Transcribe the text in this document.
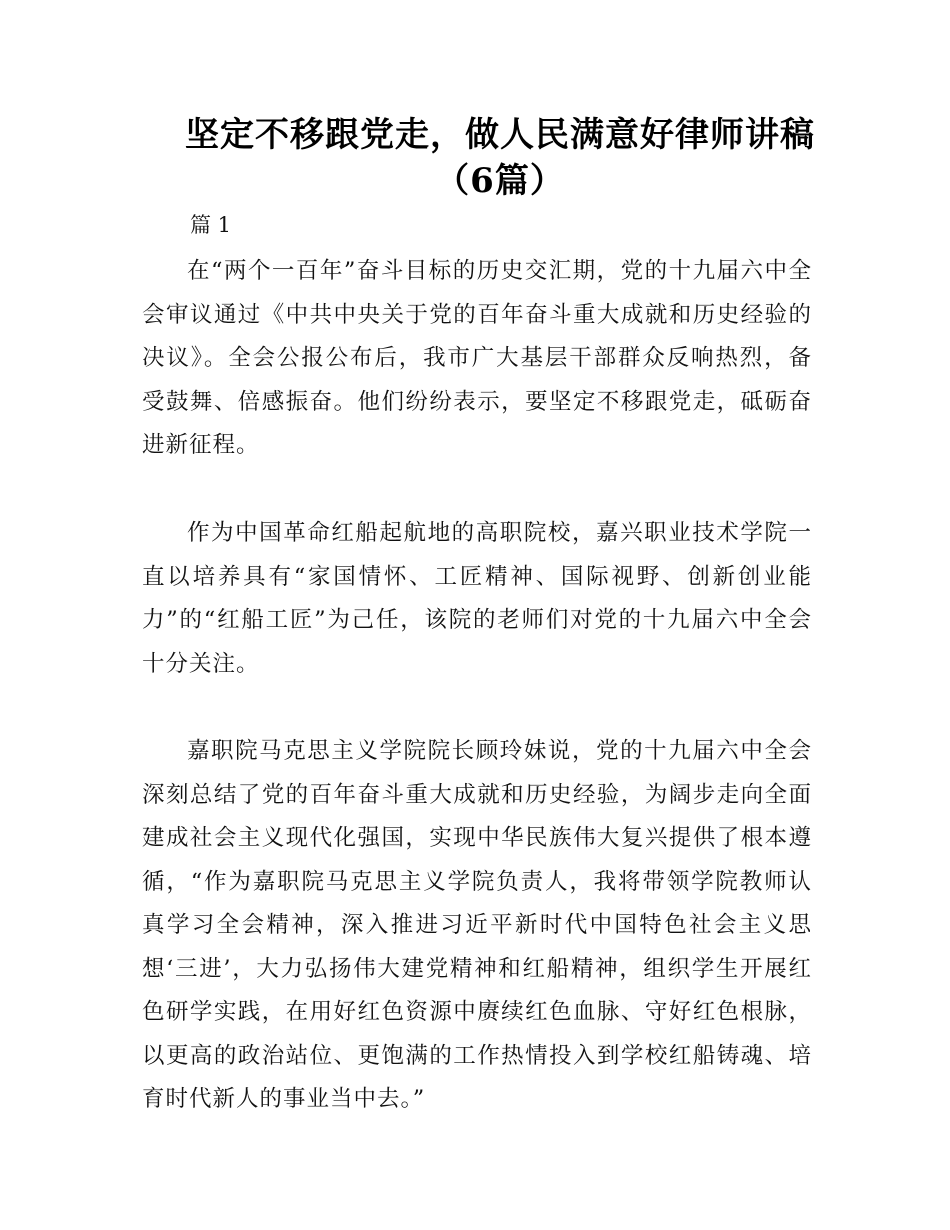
坚定不移跟党走，做人民满意好律师讲稿
（6篇）
篇 1

在“两个一百年”奋斗目标的历史交汇期，党的十九届六中全会审议通过《中共中央关于党的百年奋斗重大成就和历史经验的决议》。全会公报公布后，我市广大基层干部群众反响热烈，备受鼓舞、倍感振奋。他们纷纷表示，要坚定不移跟党走，砥砺奋进新征程。

作为中国革命红船起航地的高职院校，嘉兴职业技术学院一直以培养具有“家国情怀、工匠精神、国际视野、创新创业能力”的“红船工匠”为己任，该院的老师们对党的十九届六中全会十分关注。

嘉职院马克思主义学院院长顾玲妹说，党的十九届六中全会深刻总结了党的百年奋斗重大成就和历史经验，为阔步走向全面建成社会主义现代化强国，实现中华民族伟大复兴提供了根本遵循，“作为嘉职院马克思主义学院负责人，我将带领学院教师认真学习全会精神，深入推进习近平新时代中国特色社会主义思想‘三进’，大力弘扬伟大建党精神和红船精神，组织学生开展红色研学实践，在用好红色资源中赓续红色血脉、守好红色根脉，以更高的政治站位、更饱满的工作热情投入到学校红船铸魂、培育时代新人的事业当中去。”
